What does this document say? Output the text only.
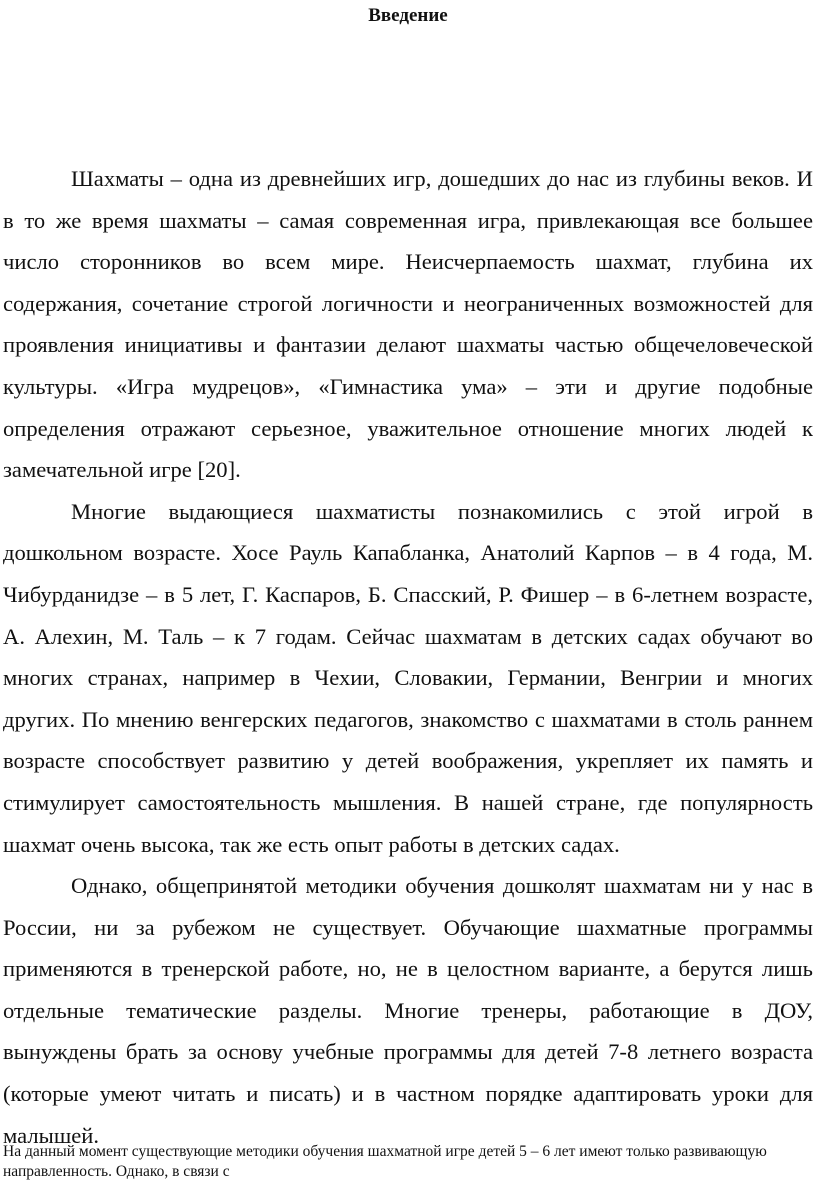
Введение

Шахматы – одна из древнейших игр, дошедших до нас из глубины веков. И в то же время шахматы – самая современная игра, привлекающая все большее число сторонников во всем мире. Неисчерпаемость шахмат, глубина их содержания, сочетание строгой логичности и неограниченных возможностей для проявления инициативы и фантазии делают шахматы частью общечеловеческой культуры. «Игра мудрецов», «Гимнастика ума» – эти и другие подобные определения отражают серьезное, уважительное отношение многих людей к замечательной игре [20].

Многие выдающиеся шахматисты познакомились с этой игрой в дошкольном возрасте. Хосе Рауль Капабланка, Анатолий Карпов – в 4 года, М. Чибурданидзе – в 5 лет, Г. Каспаров, Б. Спасский, Р. Фишер – в 6-летнем возрасте, А. Алехин, М. Таль – к 7 годам. Сейчас шахматам в детских садах обучают во многих странах, например в Чехии, Словакии, Германии, Венгрии и многих других. По мнению венгерских педагогов, знакомство с шахматами в столь раннем возрасте способствует развитию у детей воображения, укрепляет их память и стимулирует самостоятельность мышления. В нашей стране, где популярность шахмат очень высока, так же есть опыт работы в детских садах.

Однако, общепринятой методики обучения дошколят шахматам ни у нас в России, ни за рубежом не существует. Обучающие шахматные программы применяются в тренерской работе, но, не в целостном варианте, а берутся лишь отдельные тематические разделы. Многие тренеры, работающие в ДОУ, вынуждены брать за основу учебные программы для детей 7-8 летнего возраста (которые умеют читать и писать) и в частном порядке адаптировать уроки для малышей.

На данный момент существующие методики обучения шахматной игре детей 5 – 6 лет имеют только развивающую направленность. Однако, в связи с
